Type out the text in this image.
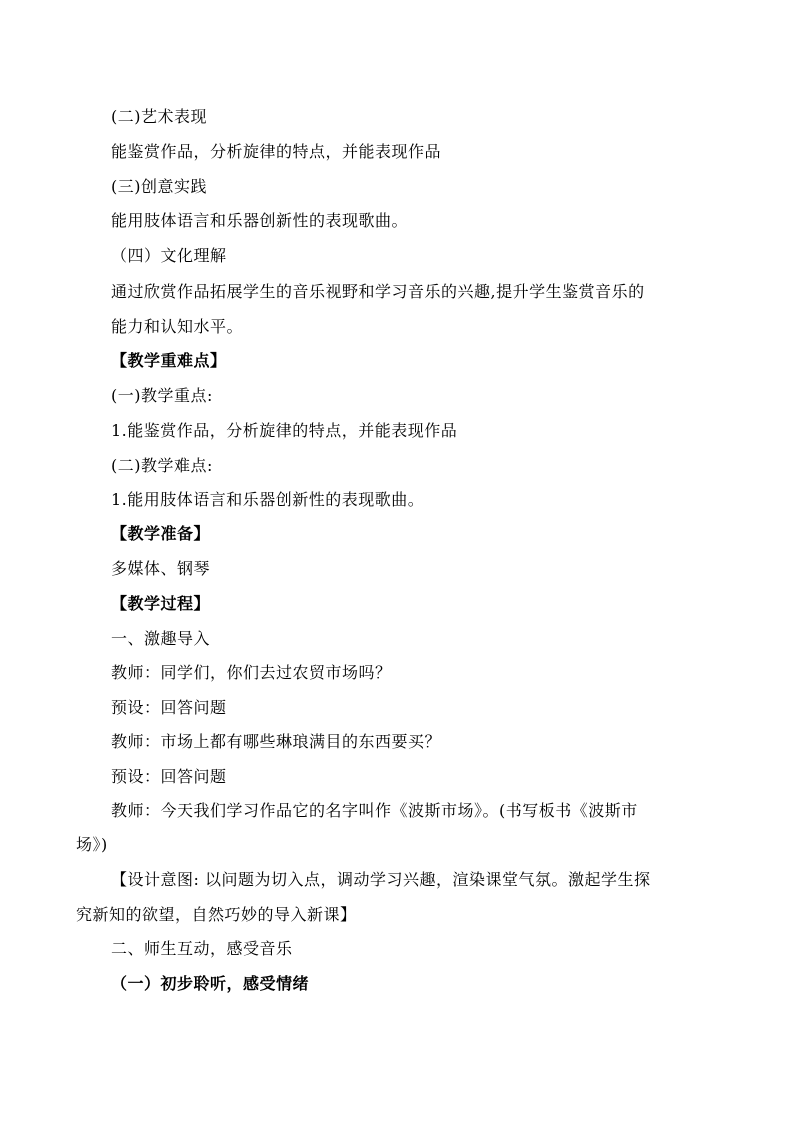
(二)艺术表现
能鉴赏作品，分析旋律的特点，并能表现作品
(三)创意实践
能用肢体语言和乐器创新性的表现歌曲。
（四）文化理解
通过欣赏作品拓展学生的音乐视野和学习音乐的兴趣,提升学生鉴赏音乐的
能力和认知水平。
【教学重难点】
(一)教学重点:
1.能鉴赏作品，分析旋律的特点，并能表现作品
(二)教学难点:
1.能用肢体语言和乐器创新性的表现歌曲。
【教学准备】
多媒体、钢琴
【教学过程】
一、激趣导入
教师：同学们，你们去过农贸市场吗？
预设：回答问题
教师：市场上都有哪些琳琅满目的东西要买？
预设：回答问题
教师：今天我们学习作品它的名字叫作《波斯市场》。(书写板书《波斯市
场》)
【设计意图: 以问题为切入点，调动学习兴趣，渲染课堂气氛。激起学生探
究新知的欲望，自然巧妙的导入新课】
二、师生互动，感受音乐
（一）初步聆听，感受情绪
